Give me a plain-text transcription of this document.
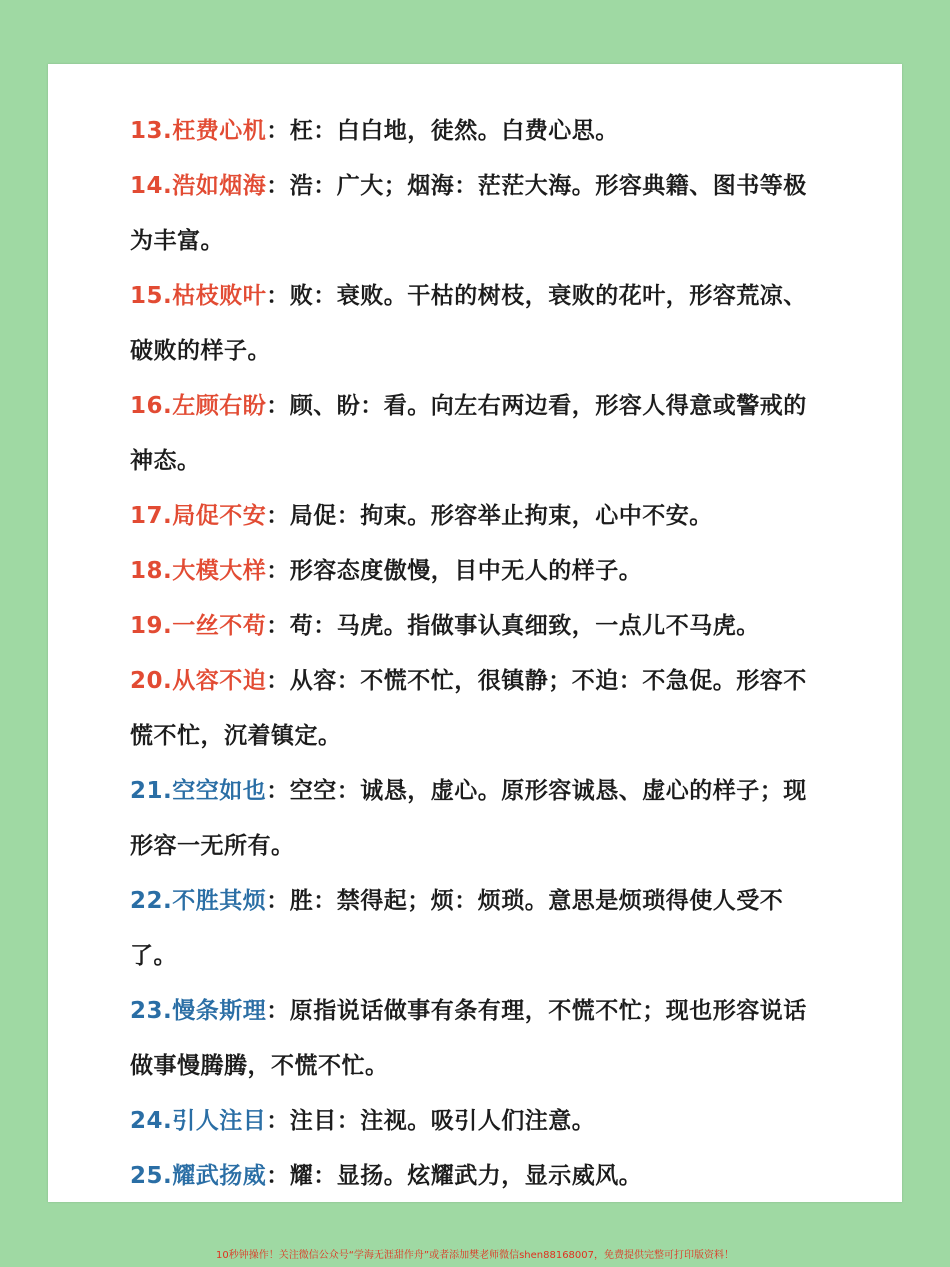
13.枉费心机：枉：白白地，徒然。白费心思。
14.浩如烟海：浩：广大；烟海：茫茫大海。形容典籍、图书等极为丰富。
15.枯枝败叶：败：衰败。干枯的树枝，衰败的花叶，形容荒凉、破败的样子。
16.左顾右盼：顾、盼：看。向左右两边看，形容人得意或警戒的神态。
17.局促不安：局促：拘束。形容举止拘束，心中不安。
18.大模大样：形容态度傲慢，目中无人的样子。
19.一丝不苟：苟：马虎。指做事认真细致，一点儿不马虎。
20.从容不迫：从容：不慌不忙，很镇静；不迫：不急促。形容不慌不忙，沉着镇定。
21.空空如也：空空：诚恳，虚心。原形容诚恳、虚心的样子；现形容一无所有。
22.不胜其烦：胜：禁得起；烦：烦琐。意思是烦琐得使人受不了。
23.慢条斯理：原指说话做事有条有理，不慌不忙；现也形容说话做事慢腾腾，不慌不忙。
24.引人注目：注目：注视。吸引人们注意。
25.耀武扬威：耀：显扬。炫耀武力，显示威风。
10秒钟操作！关注微信公众号“学海无涯甜作舟”或者添加樊老师微信shen88168007，免费提供完整可打印版资料！
